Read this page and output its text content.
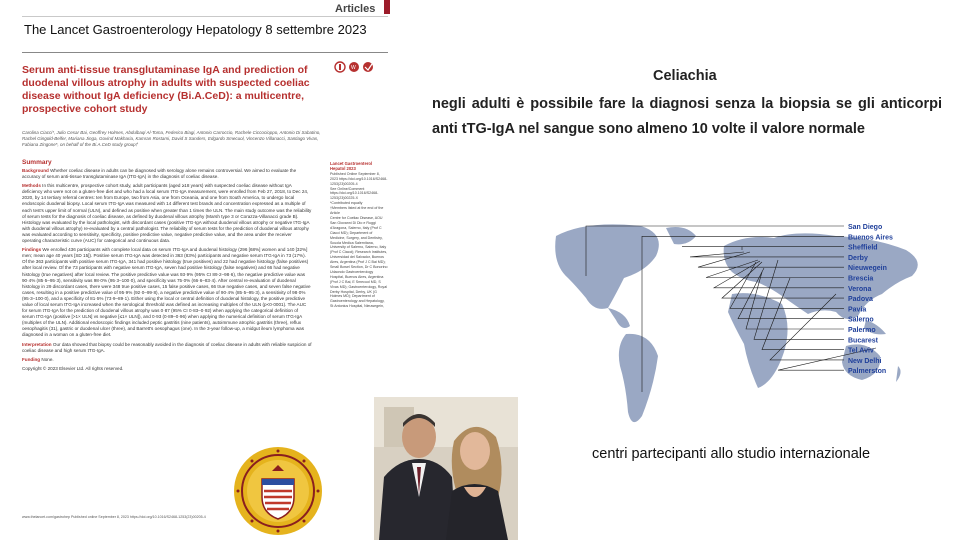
Articles
The Lancet Gastroenterology Hepatology 8 settembre 2023
W
Serum anti-tissue transglutaminase IgA and prediction of duodenal villous atrophy in adults with suspected coeliac disease without IgA deficiency (Bi.A.CeD): a multicentre, prospective cohort study
Carolina Ciacci*, Julio Cesar Bai, Geoffrey Holmes, Abdulbaqi Al-Toma, Federico Biagi, Antonio Carroccio, Rachele Ciccocioppo, Antonio Di Sabatino, Rachel Gingold-Belfer, Mariana Jinga, Govind Makharia, Kamran Rostami, David S Sanders, Edgardo Smecuol, Vincenzo Villanacci, Santiago Vivas, Fabiana Zingone*, on behalf of the Bi.A.CeD study group†
Summary

Background Whether coeliac disease in adults can be diagnosed with serology alone remains controversial. We aimed to evaluate the accuracy of serum anti-tissue transglutaminase IgA (tTG-IgA) in the diagnosis of coeliac disease.

Methods In this multicentre, prospective cohort study, adult participants (aged ≥18 years) with suspected coeliac disease without IgA deficiency who were not on a gluten-free diet and who had a local serum tTG-IgA measurement, were enrolled from Feb 27, 2018, to Dec 24, 2020, by 14 tertiary referral centres: ten from Europe, two from Asia, one from Oceania, and one from South America, to undergo local endoscopic duodenal biopsy. Local serum tTG-IgA was measured with 14 different test brands and concentration expressed as a multiple of each test's upper limit of normal (ULN), and defined as positive when greater than 1 times the ULN. The main study outcome was the reliability of serum tests for the diagnosis of coeliac disease, as defined by duodenal villous atrophy (Marsh type 3 or Corazza-Villanacci grade B). Histology was evaluated by the local pathologist, with discordant cases (positive tTG-IgA without duodenal villous atrophy or negative tTG-IgA with duodenal villous atrophy) re-evaluated by a central pathologist. The reliability of serum tests for the prediction of duodenal villous atrophy was evaluated according to sensitivity, specificity, positive predictive value, negative predictive value, and the area under the receiver operating characteristic curve (AUC) for categorical and continuous data.

Findings We enrolled 436 participants with complete local data on serum tTG-IgA and duodenal histology (296 [68%] women and 140 [32%] men; mean age 40 years [SD 15]). Positive serum tTG-IgA was detected in 363 (83%) participants and negative serum tTG-IgA in 73 (17%). Of the 363 participants with positive serum tTG-IgA, 341 had positive histology (true positives) and 22 had negative histology (false positives) after local review. Of the 73 participants with negative serum tTG-IgA, seven had positive histology (false negatives) and 66 had negative histology (true negatives) after local review. The positive predictive value was 93·9% (95% CI 89·2–98·6), the negative predictive value was 90·4% (85·5–95·3), sensitivity was 98·0% (95·3–100·0), and specificity was 75·0% (66·6–83·4). After central re-evaluation of duodenal histology in 29 discordant cases, there were 348 true positive cases, 15 false positive cases, 66 true negative cases, and seven false negative cases, resulting in a positive predictive value of 95·9% (92·0–99·8), a negative predictive value of 90·4% (85·5–95·3), a sensitivity of 98·0% (95·3–100·0), and a specificity of 81·5% (73·9–89·1). Either using the local or central definition of duodenal histology, the positive predictive value of local serum tTG-IgA increased when the serological threshold was defined as increasing multiples of the ULN (p<0·0001). The AUC for serum tTG-IgA for the prediction of duodenal villous atrophy was 0·87 (95% CI 0·83–0·92) when applying the categorical definition of serum tTG-IgA (positive [>1× ULN] vs negative [≤1× ULN]), and 0·93 (0·89–0·96) when applying the numerical definition of serum tTG-IgA (multiples of the ULN). Additional endoscopic findings included peptic gastritis (nine patients), autoimmune atrophic gastritis (three), reflux oesophagitis (31), gastric or duodenal ulcer (three), and Barrett's oesophagus (one). In the 3-year follow-up, a midgut ileum lymphoma was diagnosed in a woman on a gluten-free diet.

Interpretation Our data showed that biopsy could be reasonably avoided in the diagnosis of coeliac disease in adults with reliable suspicion of coeliac disease and high serum tTG-IgA.

Funding None.

Copyright © 2023 Elsevier Ltd. All rights reserved.

Lancet Gastroenterol Hepatol 2023
Published Online September 8, 2023 https://doi.org/10.1016/S2468-1253(23)00205-4
See Online/Comment https://doi.org/10.1016/S2468-1253(23)00225-X
*Contributed equally
†Members listed at the end of the Article
Centre for Coeliac Disease, AOU San Giovanni Di Dio e Ruggi d'Aragona, Salerno, Italy (Prof C Ciacci MD); Department of Medicine, Surgery, and Dentistry, Scuola Medica Salernitana, University of Salerno, Salerno, Italy (Prof C Ciacci); Research Institutes, Universidad del Salvador, Buenos Aires, Argentina (Prof J C Bai MD); Small Bowel Section, Dr C Bonorino Udaondo Gastroenterology Hospital, Buenos Aires, Argentina (Prof J C Bai, E Smecuol MD, S Vivas MD); Gastroenterology, Royal Derby Hospital, Derby, UK (G Holmes MD); Department of Gastroenterology and Hepatology, St Antonius Hospital, Nieuwegein,
www.thelancet.com/gastrohep Published online September 8, 2023 https://doi.org/10.1016/S2468-1253(23)00205-4
Celiachia
negli adulti è possibile fare la diagnosi senza la biopsia se gli anticorpi anti tTG-IgA nel sangue sono almeno 10 volte il valore normale
San Diego
Buenos Aires
Sheffield
Derby
Nieuwegein
Brescia
Verona
Padova
Pavia
Salerno
Palermo
Bucarest
Tel Aviv
New Delhi
Palmerston
centri partecipanti allo studio internazionale
